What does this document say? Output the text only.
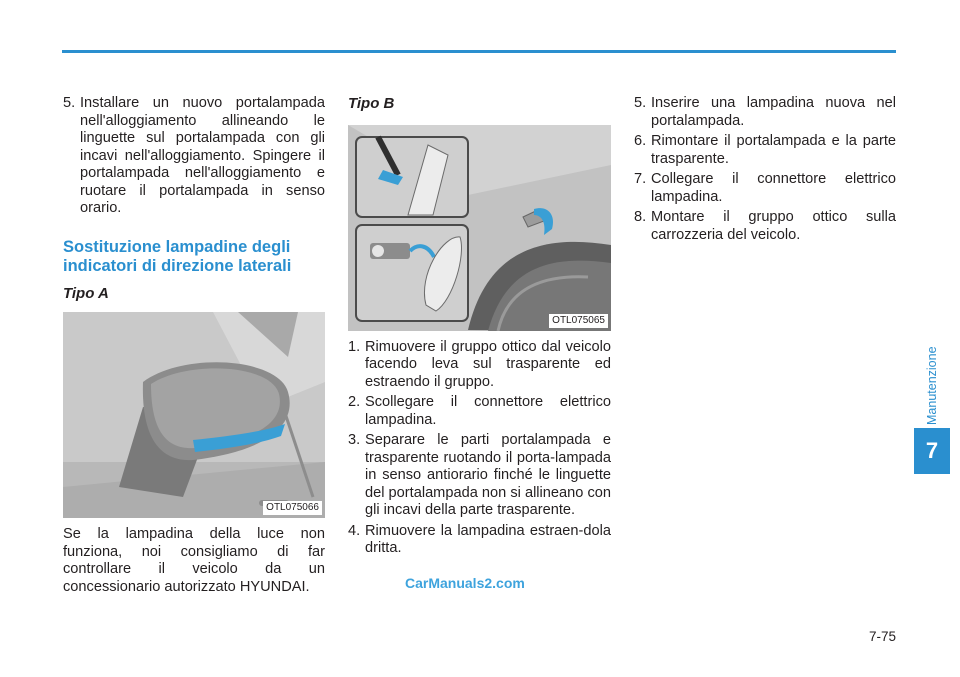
5. Installare un nuovo portalampada nell'alloggiamento allineando le linguette sul portalampada con gli incavi nell'alloggiamento. Spingere il portalampada nell'alloggiamento e ruotare il portalampada in senso orario.
Sostituzione lampadine degli indicatori di direzione laterali
Tipo A
OTL075066
Se la lampadina della luce non funziona, noi consigliamo di far controllare il veicolo da un concessionario autorizzato HYUNDAI.
Tipo B
OTL075065
1. Rimuovere il gruppo ottico dal veicolo facendo leva sul trasparente ed estraendo il gruppo.
2. Scollegare il connettore elettrico lampadina.
3. Separare le parti portalampada e trasparente ruotando il porta-lampada in senso antiorario finché le linguette del portalampada non si allineano con gli incavi della parte trasparente.
4. Rimuovere la lampadina estraen-dola dritta.
5. Inserire una lampadina nuova nel portalampada.
6. Rimontare il portalampada e la parte trasparente.
7. Collegare il connettore elettrico lampadina.
8. Montare il gruppo ottico sulla carrozzeria del veicolo.
Manutenzione
7
7-75
CarManuals2.com
